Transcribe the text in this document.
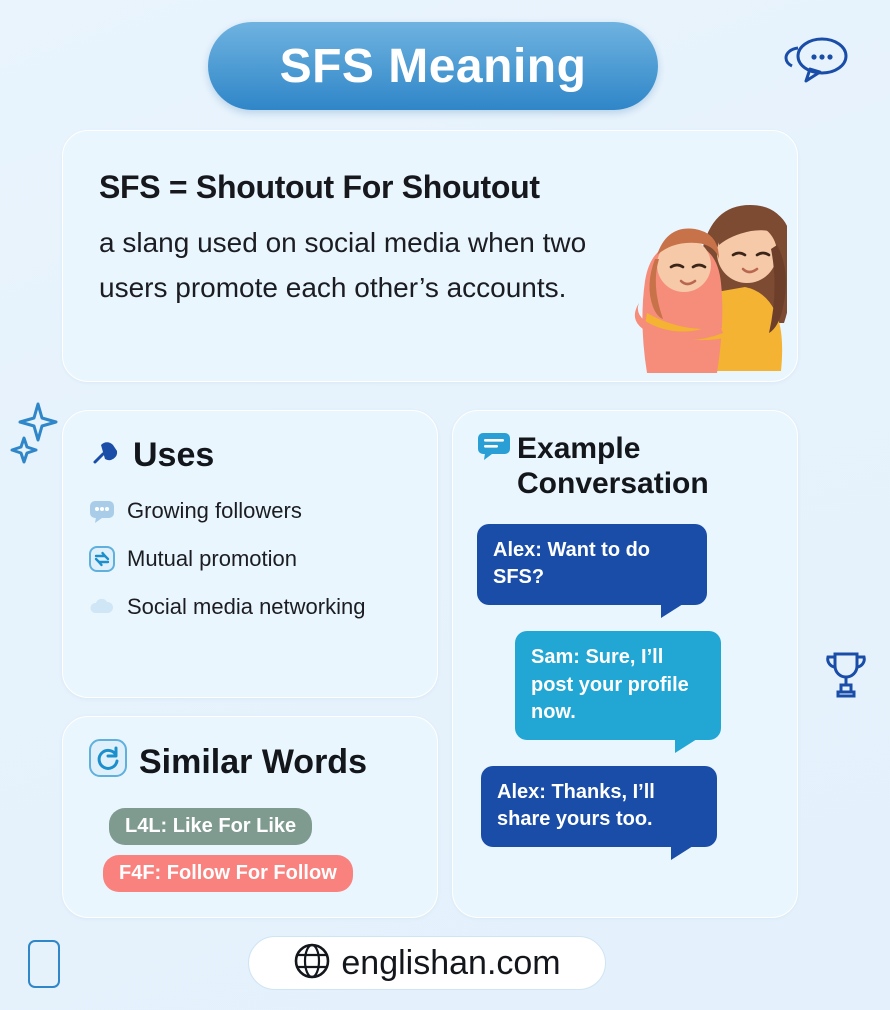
SFS Meaning
SFS = Shoutout For Shoutout
a slang used on social media when two users promote each other’s accounts.
Uses
Growing followers
Mutual promotion
Social media networking
Similar Words
L4L: Like For Like
F4F: Follow For Follow
Example Conversation
Alex: Want to do SFS?
Sam: Sure, I’ll post your profile now.
Alex: Thanks, I’ll share yours too.
englishan.com
